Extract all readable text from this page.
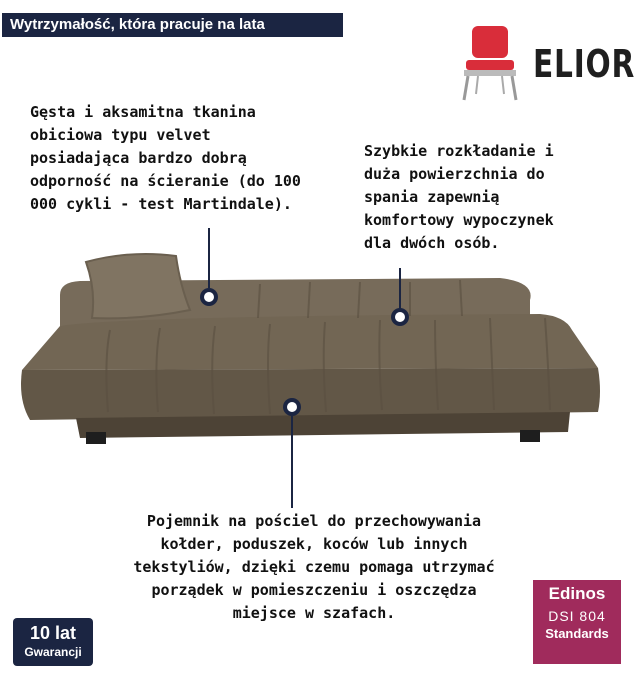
Wytrzymałość, która pracuje na lata
ELIOR
Gęsta i aksamitna tkanina
obiciowa typu velvet
posiadająca bardzo dobrą
odporność na ścieranie (do 100
000 cykli - test Martindale).
Szybkie rozkładanie i
duża powierzchnia do
spania zapewnią
komfortowy wypoczynek
dla dwóch osób.
Pojemnik na pościel do przechowywania
kołder, poduszek, koców lub innych
tekstyliów, dzięki czemu pomaga utrzymać
porządek w pomieszczeniu i oszczędza
miejsce w szafach.
10 lat
Gwarancji
Edinos
DSI 804
Standards
